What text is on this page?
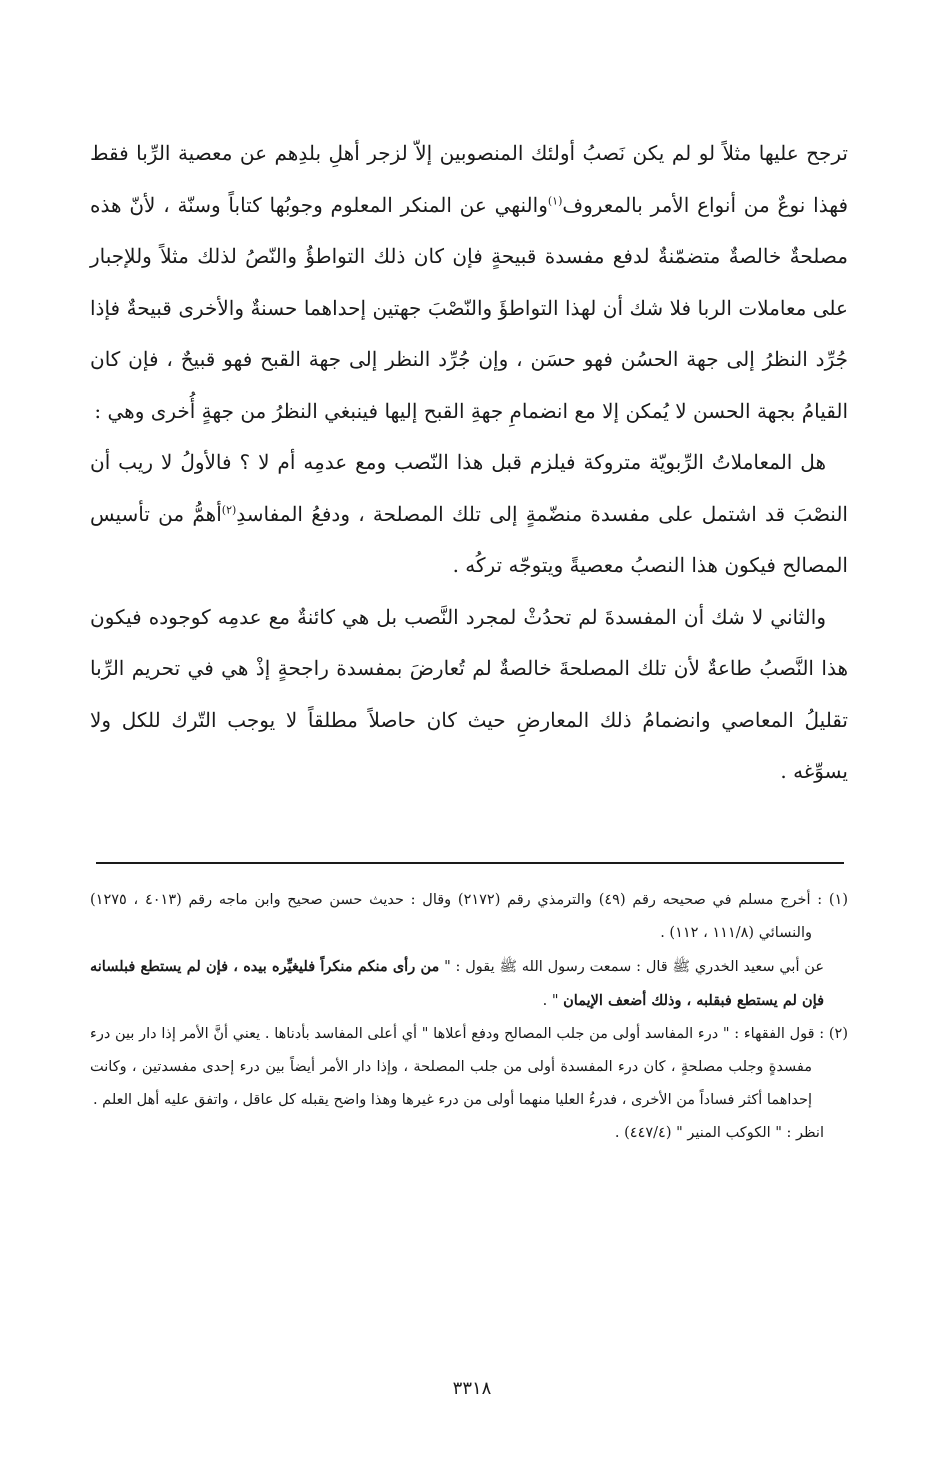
ترجح عليها مثلاً لو لم يكن نَصبُ أولئك المنصوبين إلاّ لزجر أهلِ بلدِهم عن معصية الرِّبا فقط فهذا نوعٌ من أنواع الأمر بالمعروف$^{(١)}$والنهي عن المنكر المعلوم وجوبُها كتاباً وسنّة ، لأنّ هذه مصلحةٌ خالصةٌ متضمّنةٌ لدفع مفسدة قبيحةٍ فإن كان ذلك التواطؤُ والنّصُ لذلك مثلاً وللإجبار على معاملات الربا فلا شك أن لهذا التواطؤَ والنّصْبَ جهتين إحداهما حسنةٌ والأخرى قبيحةٌ فإذا جُرِّد النظرُ إلى جهة الحسُن فهو حسَن ، وإن جُرِّد النظر إلى جهة القبح فهو قبيحٌ ، فإن كان القيامُ بجهة الحسن لا يُمكن إلا مع انضمامِ جهةِ القبح إليها فينبغي النظرُ من جهةٍ أُخرى وهي :

هل المعاملاتُ الرِّبويّة متروكة فيلزم قبل هذا النّصب ومع عدمِه أم لا ؟ فالأولُ لا ريب أن النصْبَ قد اشتمل على مفسدة منضّمةٍ إلى تلك المصلحة ، ودفعُ المفاسدِ$^{(٢)}$أهمُّ من تأسيس المصالح فيكون هذا النصبُ معصيةً ويتوجّه تركُه .

والثاني لا شك أن المفسدةَ لم تحدُثْ لمجرد النَّصب بل هي كائنةٌ مع عدمِه كوجوده فيكون هذا النَّصبُ طاعةٌ لأن تلك المصلحةَ خالصةٌ لم تُعارضَ بمفسدة راجحةٍ إذْ هي في تحريم الرِّبا تقليلُ المعاصي وانضمامُ ذلك المعارضِ حيث كان حاصلاً مطلقاً لا يوجب التّرك للكل ولا يسوِّغه .

(١) : أخرج مسلم في صحيحه رقم (٤٩) والترمذي رقم (٢١٧٢) وقال : حديث حسن صحيح وابن ماجه رقم (٤٠١٣ ، ١٢٧٥) والنسائي (١١١/٨ ، ١١٢) .

عن أبي سعيد الخدري ﷺ قال : سمعت رسول الله ﷺ يقول : " من رأى منكم منكراً فليغيِّره بيده ، فإن لم يستطع فبلسانه فإن لم يستطع فبقلبه ، وذلك أضعف الإيمان " .

(٢) : قول الفقهاء : " درء المفاسد أولى من جلب المصالح ودفع أعلاها " أي أعلى المفاسد بأدناها . يعني أنَّ الأمر إذا دار بين درء مفسدةٍ وجلب مصلحةٍ ، كان درء المفسدة أولى من جلب المصلحة ، وإذا دار الأمر أيضاً بين درء إحدى مفسدتين ، وكانت إحداهما أكثر فساداً من الأخرى ، فدرءُ العليا منهما أولى من درء غيرها وهذا واضح يقبله كل عاقل ، واتفق عليه أهل العلم .

انظر : " الكوكب المنير " (٤٤٧/٤) .

٣٣١٨
